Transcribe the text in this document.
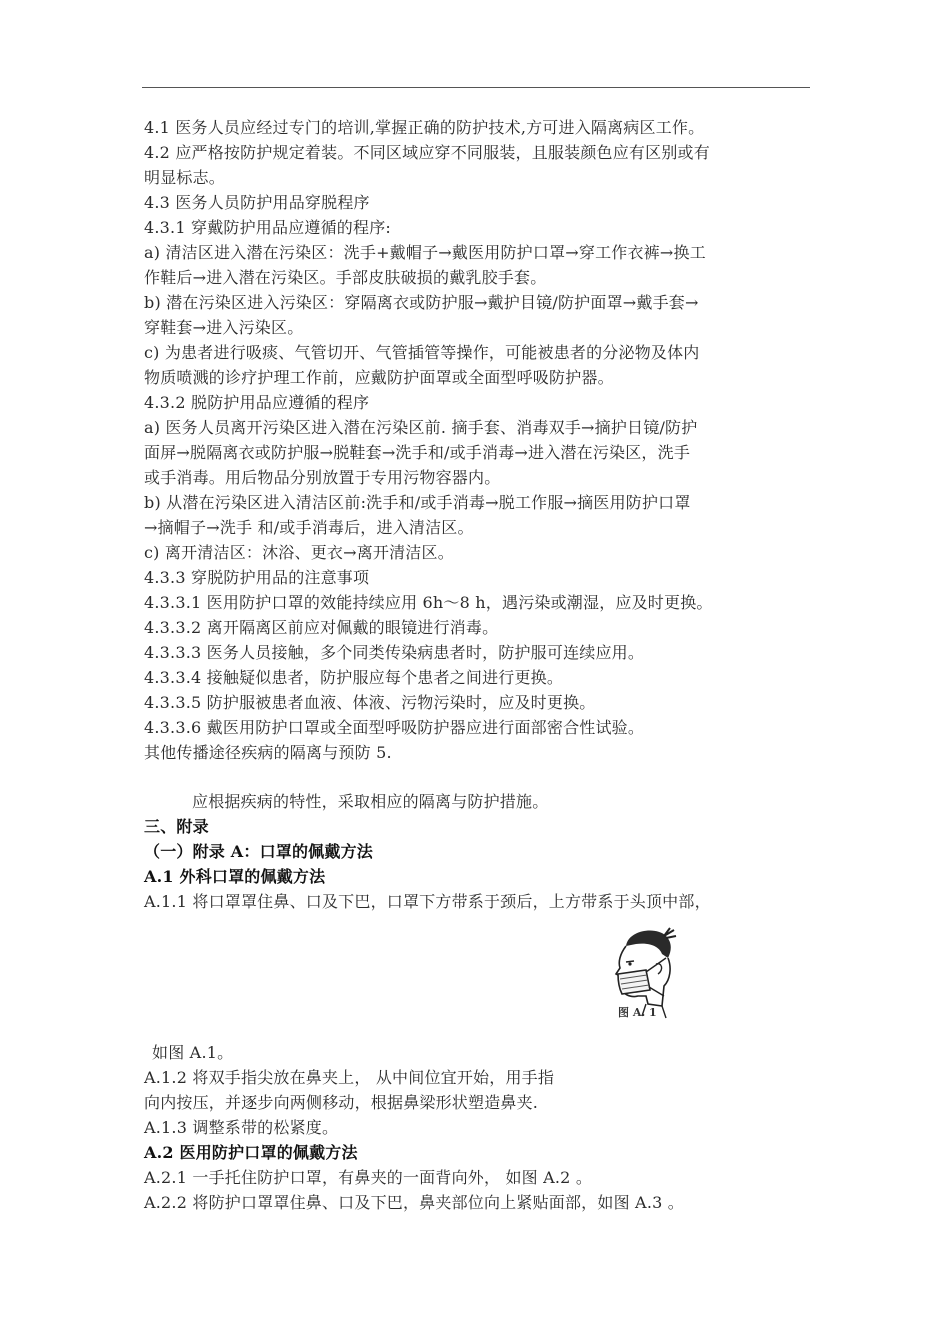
4.1 医务人员应经过专门的培训,掌握正确的防护技术,方可进入隔离病区工作。
4.2 应严格按防护规定着装。不同区域应穿不同服装，且服装颜色应有区别或有
明显标志。
4.3 医务人员防护用品穿脱程序
4.3.1 穿戴防护用品应遵循的程序:
a) 清洁区进入潜在污染区：洗手+戴帽子→戴医用防护口罩→穿工作衣裤→换工
作鞋后→进入潜在污染区。手部皮肤破损的戴乳胶手套。
b) 潜在污染区进入污染区：穿隔离衣或防护服→戴护目镜/防护面罩→戴手套→
穿鞋套→进入污染区。
c) 为患者进行吸痰、气管切开、气管插管等操作，可能被患者的分泌物及体内
物质喷溅的诊疗护理工作前，应戴防护面罩或全面型呼吸防护器。
4.3.2 脱防护用品应遵循的程序
a) 医务人员离开污染区进入潜在污染区前. 摘手套、消毒双手→摘护日镜/防护
面屏→脱隔离衣或防护服→脱鞋套→洗手和/或手消毒→进入潜在污染区，洗手
或手消毒。用后物品分别放置于专用污物容器内。
b) 从潜在污染区进入清洁区前:洗手和/或手消毒→脱工作服→摘医用防护口罩
→摘帽子→洗手 和/或手消毒后，进入清洁区。
c) 离开清洁区：沐浴、更衣→离开清洁区。
4.3.3 穿脱防护用品的注意事项
4.3.3.1 医用防护口罩的效能持续应用 6h～8 h，遇污染或潮湿，应及时更换。
4.3.3.2 离开隔离区前应对佩戴的眼镜进行消毒。
4.3.3.3 医务人员接触，多个同类传染病患者时，防护服可连续应用。
4.3.3.4 接触疑似患者，防护服应每个患者之间进行更换。
4.3.3.5 防护服被患者血液、体液、污物污染时，应及时更换。
4.3.3.6 戴医用防护口罩或全面型呼吸防护器应进行面部密合性试验。
其他传播途径疾病的隔离与预防 5.
应根据疾病的特性，采取相应的隔离与防护措施。
三、附录
（一）附录 A：口罩的佩戴方法
A.1 外科口罩的佩戴方法
A.1.1 将口罩罩住鼻、口及下巴，口罩下方带系于颈后，上方带系于头顶中部，
如图 A.1。
A.1.2 将双手指尖放在鼻夹上， 从中间位宜开始，用手指
向内按压，并逐步向两侧移动，根据鼻梁形状塑造鼻夹.
A.1.3 调整系带的松紧度。
A.2 医用防护口罩的佩戴方法
A.2.1 一手托住防护口罩，有鼻夹的一面背向外， 如图 A.2 。
A.2.2 将防护口罩罩住鼻、口及下巴，鼻夹部位向上紧贴面部，如图 A.3 。
图 A. 1
